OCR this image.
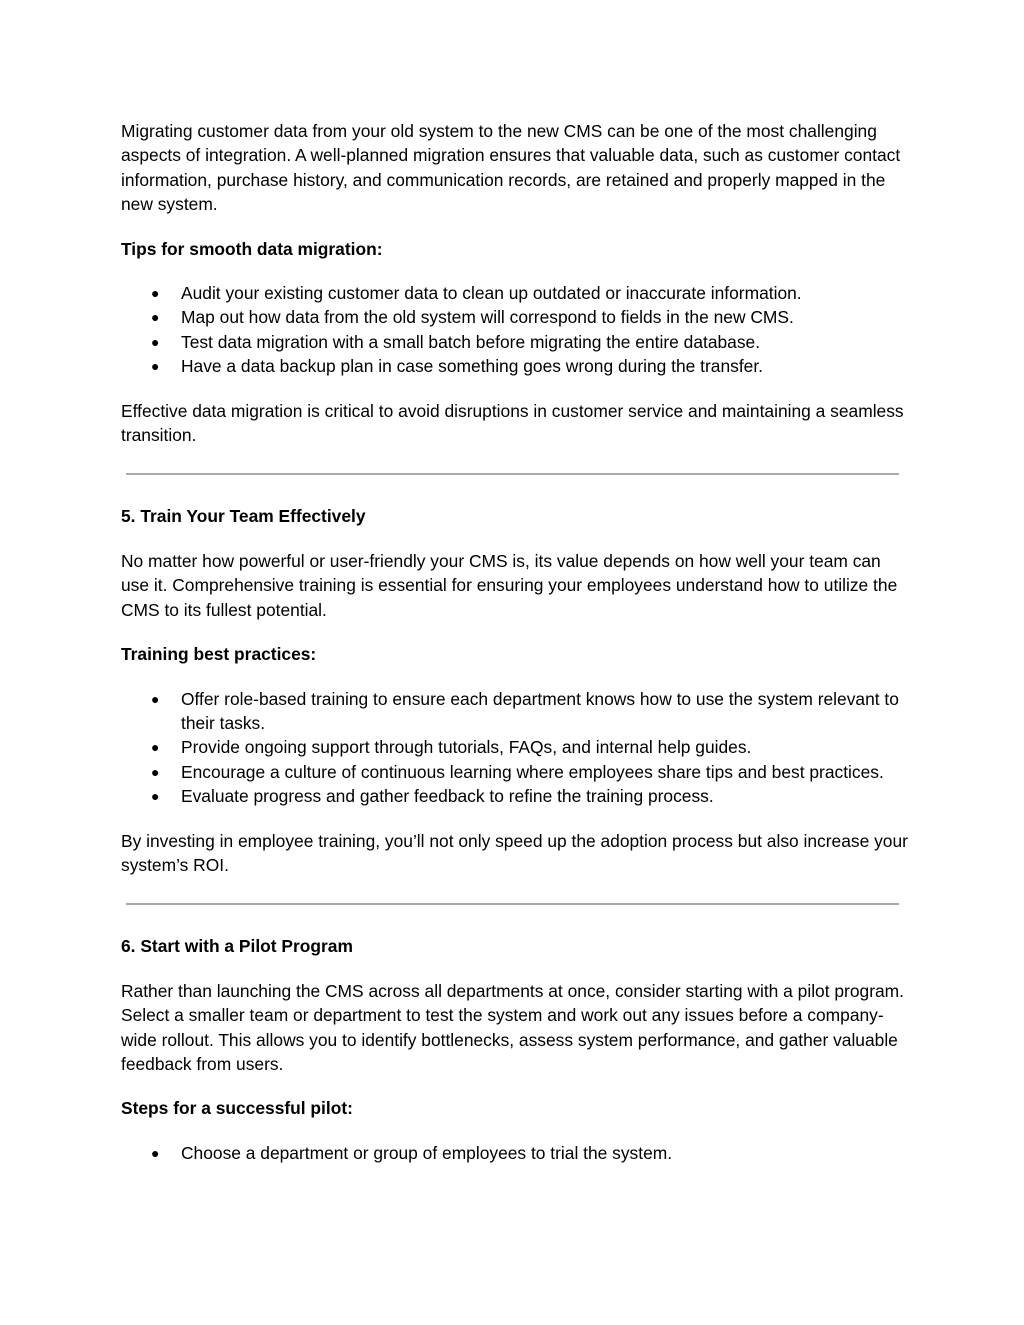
Migrating customer data from your old system to the new CMS can be one of the most challenging aspects of integration. A well-planned migration ensures that valuable data, such as customer contact information, purchase history, and communication records, are retained and properly mapped in the new system.

Tips for smooth data migration:

● Audit your existing customer data to clean up outdated or inaccurate information.
● Map out how data from the old system will correspond to fields in the new CMS.
● Test data migration with a small batch before migrating the entire database.
● Have a data backup plan in case something goes wrong during the transfer.

Effective data migration is critical to avoid disruptions in customer service and maintaining a seamless transition.

5. Train Your Team Effectively

No matter how powerful or user-friendly your CMS is, its value depends on how well your team can use it. Comprehensive training is essential for ensuring your employees understand how to utilize the CMS to its fullest potential.

Training best practices:

● Offer role-based training to ensure each department knows how to use the system relevant to their tasks.
● Provide ongoing support through tutorials, FAQs, and internal help guides.
● Encourage a culture of continuous learning where employees share tips and best practices.
● Evaluate progress and gather feedback to refine the training process.

By investing in employee training, you’ll not only speed up the adoption process but also increase your system’s ROI.

6. Start with a Pilot Program

Rather than launching the CMS across all departments at once, consider starting with a pilot program. Select a smaller team or department to test the system and work out any issues before a company-wide rollout. This allows you to identify bottlenecks, assess system performance, and gather valuable feedback from users.

Steps for a successful pilot:

● Choose a department or group of employees to trial the system.
